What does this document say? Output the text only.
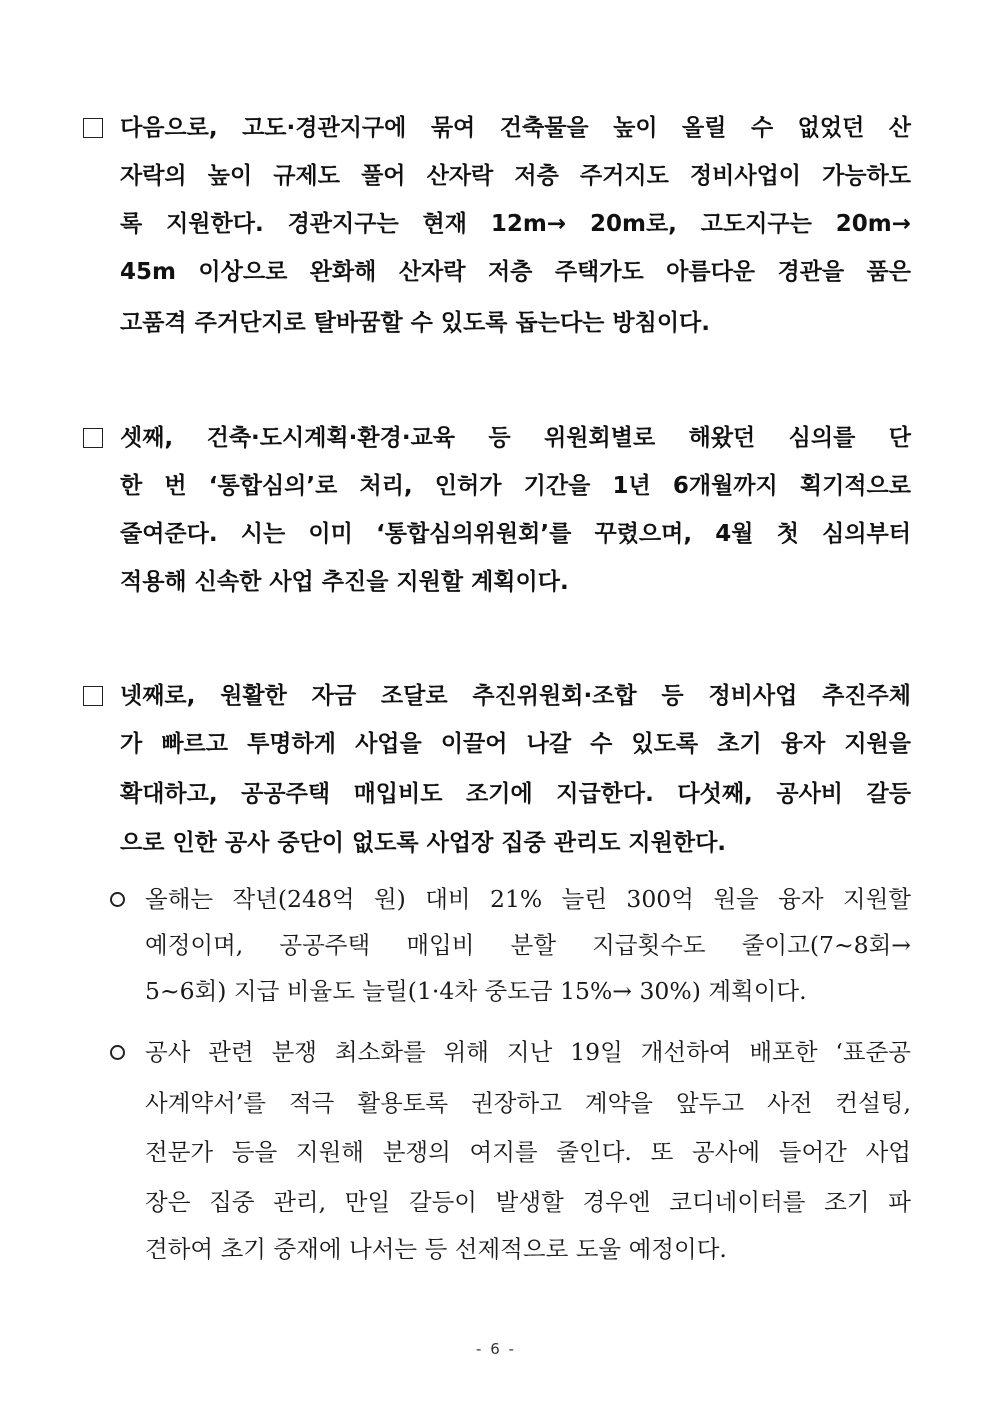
다음으로, 고도·경관지구에 묶여 건축물을 높이 올릴 수 없었던 산
자락의 높이 규제도 풀어 산자락 저층 주거지도 정비사업이 가능하도
록 지원한다. 경관지구는 현재 12m→ 20m로, 고도지구는 20m→
45m 이상으로 완화해 산자락 저층 주택가도 아름다운 경관을 품은
고품격 주거단지로 탈바꿈할 수 있도록 돕는다는 방침이다.
셋째, 건축·도시계획·환경·교육 등 위원회별로 해왔던 심의를 단
한 번 ‘통합심의’로 처리, 인허가 기간을 1년 6개월까지 획기적으로
줄여준다. 시는 이미 ‘통합심의위원회’를 꾸렸으며, 4월 첫 심의부터
적용해 신속한 사업 추진을 지원할 계획이다.
넷째로, 원활한 자금 조달로 추진위원회·조합 등 정비사업 추진주체
가 빠르고 투명하게 사업을 이끌어 나갈 수 있도록 초기 융자 지원을
확대하고, 공공주택 매입비도 조기에 지급한다. 다섯째, 공사비 갈등
으로 인한 공사 중단이 없도록 사업장 집중 관리도 지원한다.
올해는 작년(248억 원) 대비 21% 늘린 300억 원을 융자 지원할
예정이며, 공공주택 매입비 분할 지급횟수도 줄이고(7~8회→
5~6회) 지급 비율도 늘릴(1·4차 중도금 15%→ 30%) 계획이다.
공사 관련 분쟁 최소화를 위해 지난 19일 개선하여 배포한 ‘표준공
사계약서’를 적극 활용토록 권장하고 계약을 앞두고 사전 컨설팅,
전문가 등을 지원해 분쟁의 여지를 줄인다. 또 공사에 들어간 사업
장은 집중 관리, 만일 갈등이 발생할 경우엔 코디네이터를 조기 파
견하여 초기 중재에 나서는 등 선제적으로 도울 예정이다.
- 6 -
